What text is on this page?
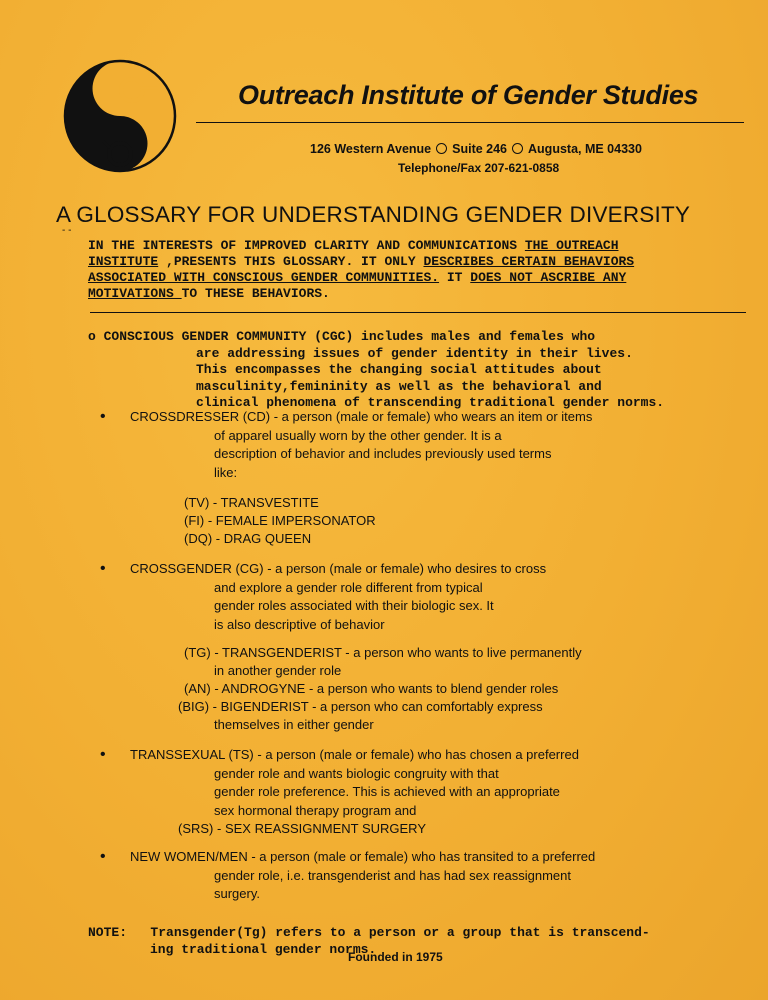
Outreach Institute of Gender Studies
126 Western Avenue Suite 246 Augusta, ME 04330
Telephone/Fax 207-621-0858
A GLOSSARY FOR UNDERSTANDING GENDER DIVERSITY
- -
IN THE INTERESTS OF IMPROVED CLARITY AND COMMUNICATIONS THE OUTREACH
INSTITUTE ,PRESENTS THIS GLOSSARY. IT ONLY DESCRIBES CERTAIN BEHAVIORS
ASSOCIATED WITH CONSCIOUS GENDER COMMUNITIES. IT DOES NOT ASCRIBE ANY
MOTIVATIONS TO THESE BEHAVIORS.
o CONSCIOUS GENDER COMMUNITY (CGC) includes males and females who
are addressing issues of gender identity in their lives.
This encompasses the changing social attitudes about
masculinity,femininity as well as the behavioral and
clinical phenomena of transcending traditional gender norms.
• CROSSDRESSER (CD) - a person (male or female) who wears an item or items
of apparel usually worn by the other gender. It is a
description of behavior and includes previously used terms
like:
(TV) - TRANSVESTITE
(FI) - FEMALE IMPERSONATOR
(DQ) - DRAG QUEEN
• CROSSGENDER (CG) - a person (male or female) who desires to cross
and explore a gender role different from typical
gender roles associated with their biologic sex. It
is also descriptive of behavior
(TG) - TRANSGENDERIST - a person who wants to live permanently
in another gender role
(AN) - ANDROGYNE - a person who wants to blend gender roles
(BIG) - BIGENDERIST - a person who can comfortably express
themselves in either gender
• TRANSSEXUAL (TS) - a person (male or female) who has chosen a preferred
gender role and wants biologic congruity with that
gender role preference. This is achieved with an appropriate
sex hormonal therapy program and
(SRS) - SEX REASSIGNMENT SURGERY
• NEW WOMEN/MEN - a person (male or female) who has transited to a preferred
gender role, i.e. transgenderist and has had sex reassignment
surgery.
NOTE: Transgender(Tg) refers to a person or a group that is transcend-
ing traditional gender norms.
Founded in 1975
